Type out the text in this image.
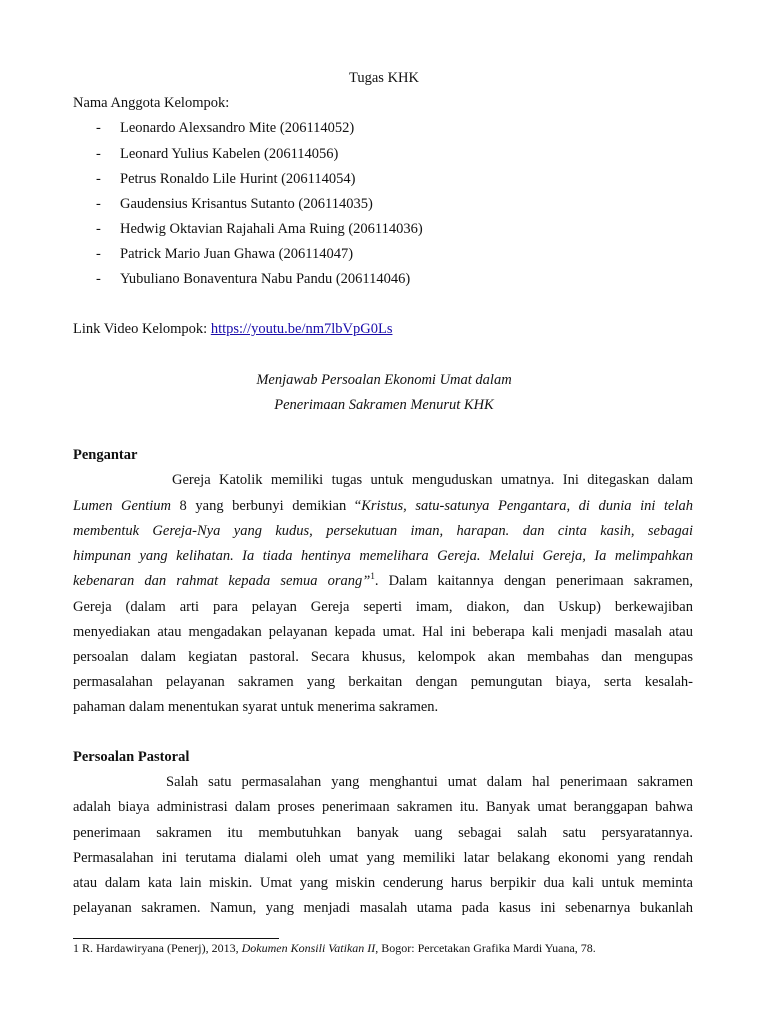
Tugas KHK
Nama Anggota Kelompok:
- Leonardo Alexsandro Mite (206114052)
- Leonard Yulius Kabelen (206114056)
- Petrus Ronaldo Lile Hurint (206114054)
- Gaudensius Krisantus Sutanto (206114035)
- Hedwig Oktavian Rajahali Ama Ruing (206114036)
- Patrick Mario Juan Ghawa (206114047)
- Yubuliano Bonaventura Nabu Pandu (206114046)
Link Video Kelompok: https://youtu.be/nm7lbVpG0Ls
Menjawab Persoalan Ekonomi Umat dalam
Penerimaan Sakramen Menurut KHK
Pengantar
Gereja Katolik memiliki tugas untuk menguduskan umatnya. Ini ditegaskan dalam
Lumen Gentium 8 yang berbunyi demikian “Kristus, satu-satunya Pengantara, di dunia ini telah
membentuk Gereja-Nya yang kudus, persekutuan iman, harapan. dan cinta kasih, sebagai
himpunan yang kelihatan. Ia tiada hentinya memelihara Gereja. Melalui Gereja, Ia melimpahkan
kebenaran dan rahmat kepada semua orang”$^1$. Dalam kaitannya dengan penerimaan sakramen,
Gereja (dalam arti para pelayan Gereja seperti imam, diakon, dan Uskup) berkewajiban
menyediakan atau mengadakan pelayanan kepada umat. Hal ini beberapa kali menjadi masalah atau
persoalan dalam kegiatan pastoral. Secara khusus, kelompok akan membahas dan mengupas
permasalahan pelayanan sakramen yang berkaitan dengan pemungutan biaya, serta kesalah-
pahaman dalam menentukan syarat untuk menerima sakramen.
Persoalan Pastoral
Salah satu permasalahan yang menghantui umat dalam hal penerimaan sakramen
adalah biaya administrasi dalam proses penerimaan sakramen itu. Banyak umat beranggapan bahwa
penerimaan sakramen itu membutuhkan banyak uang sebagai salah satu persyaratannya.
Permasalahan ini terutama dialami oleh umat yang memiliki latar belakang ekonomi yang rendah
atau dalam kata lain miskin. Umat yang miskin cenderung harus berpikir dua kali untuk meminta
pelayanan sakramen. Namun, yang menjadi masalah utama pada kasus ini sebenarnya bukanlah
1 R. Hardawiryana (Penerj), 2013, Dokumen Konsili Vatikan II, Bogor: Percetakan Grafika Mardi Yuana, 78.
